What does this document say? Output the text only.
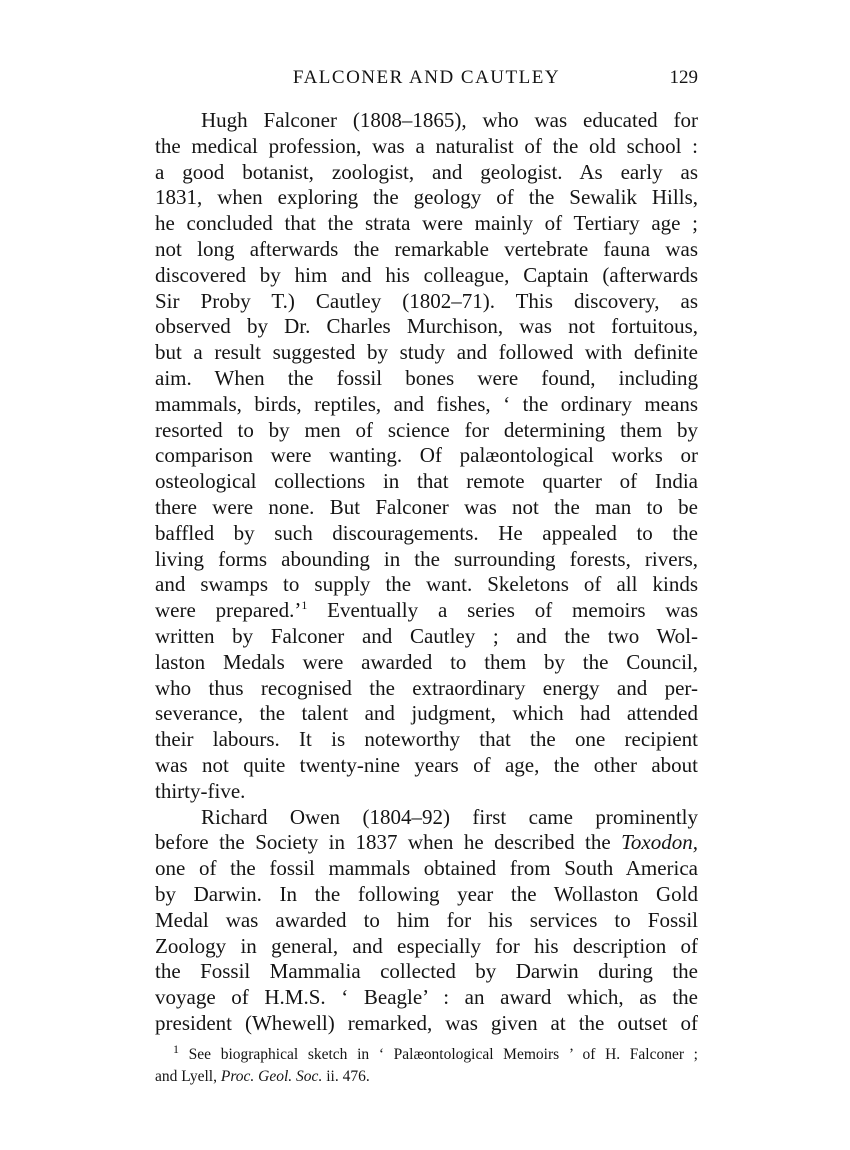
FALCONER AND CAUTLEY	129
Hugh Falconer (1808–1865), who was educated for
the medical profession, was a naturalist of the old school :
a good botanist, zoologist, and geologist. As early as
1831, when exploring the geology of the Sewalik Hills,
he concluded that the strata were mainly of Tertiary age ;
not long afterwards the remarkable vertebrate fauna was
discovered by him and his colleague, Captain (afterwards
Sir Proby T.) Cautley (1802–71). This discovery, as
observed by Dr. Charles Murchison, was not fortuitous,
but a result suggested by study and followed with definite
aim. When the fossil bones were found, including
mammals, birds, reptiles, and fishes, ‘ the ordinary means
resorted to by men of science for determining them by
comparison were wanting. Of palæontological works or
osteological collections in that remote quarter of India
there were none. But Falconer was not the man to be
baffled by such discouragements. He appealed to the
living forms abounding in the surrounding forests, rivers,
and swamps to supply the want. Skeletons of all kinds
were prepared.’$^1$ Eventually a series of memoirs was
written by Falconer and Cautley ; and the two Wol-
laston Medals were awarded to them by the Council,
who thus recognised the extraordinary energy and per-
severance, the talent and judgment, which had attended
their labours. It is noteworthy that the one recipient
was not quite twenty-nine years of age, the other about
thirty-five.
Richard Owen (1804–92) first came prominently
before the Society in 1837 when he described the Toxodon,
one of the fossil mammals obtained from South America
by Darwin. In the following year the Wollaston Gold
Medal was awarded to him for his services to Fossil
Zoology in general, and especially for his description of
the Fossil Mammalia collected by Darwin during the
voyage of H.M.S. ‘ Beagle’ : an award which, as the
president (Whewell) remarked, was given at the outset of
$^1$ See biographical sketch in ‘ Palæontological Memoirs ’ of H. Falconer ;
and Lyell, Proc. Geol. Soc. ii. 476.
